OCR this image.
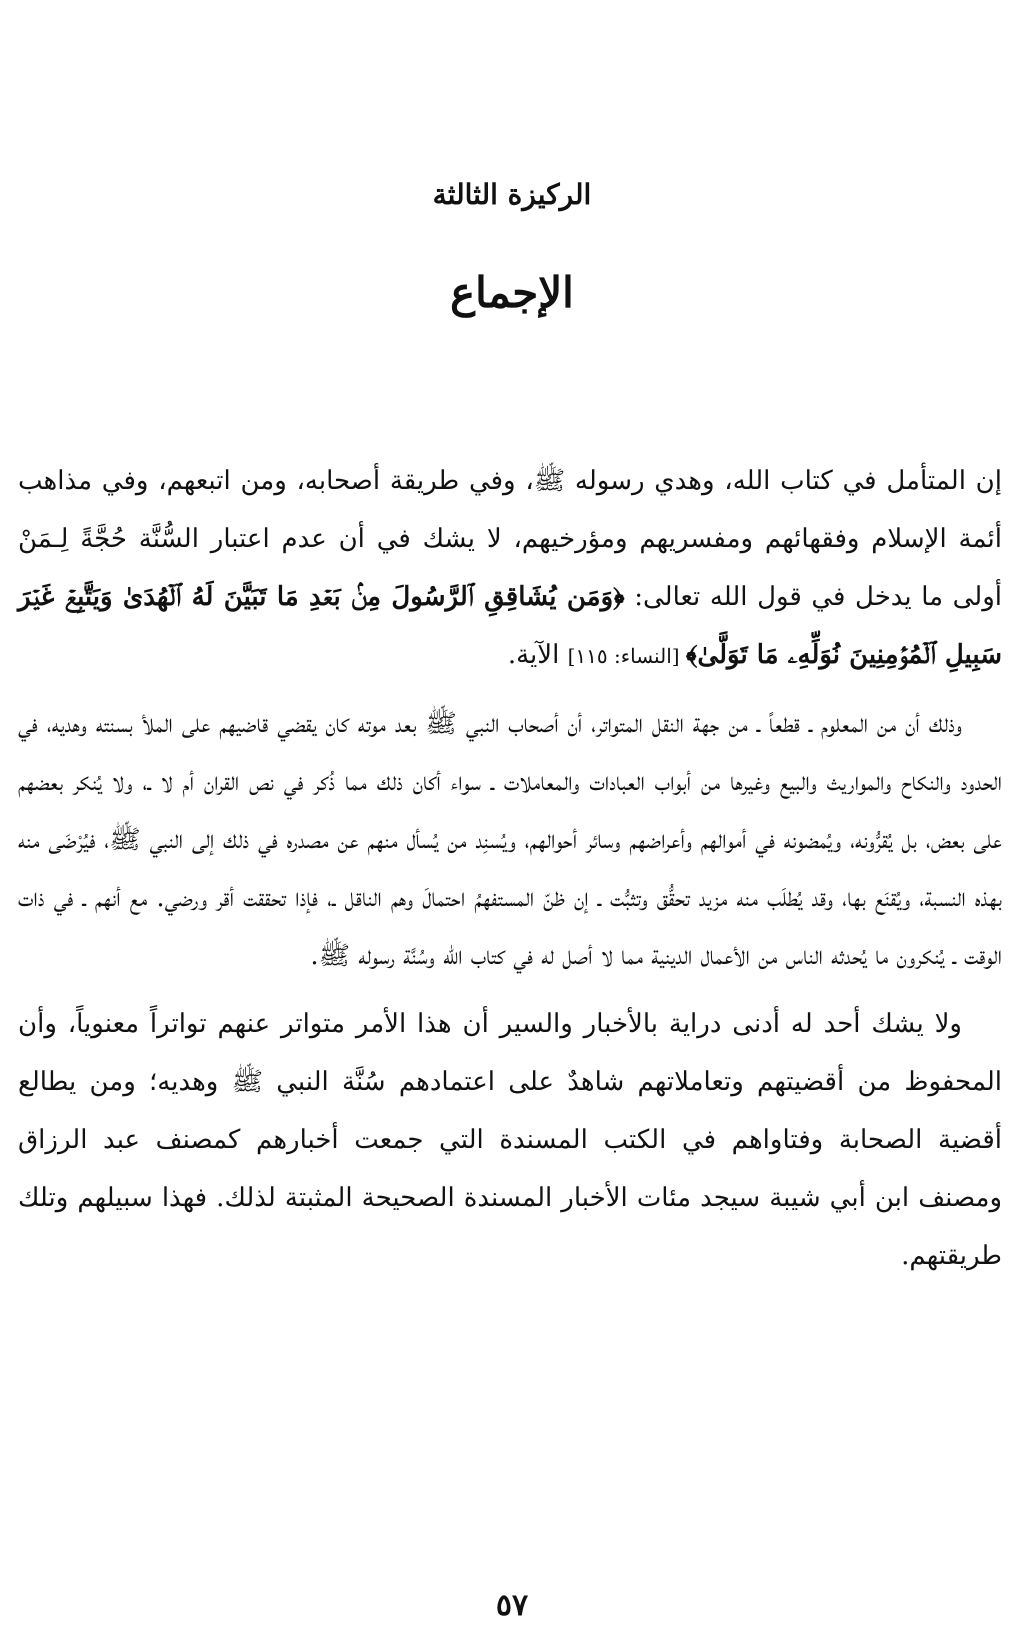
الركيزة الثالثة
الإجماع

إن المتأمل في كتاب الله، وهدي رسوله ﷺ، وفي طريقة أصحابه، ومن اتبعهم، وفي مذاهب أئمة الإسلام وفقهائهم ومفسريهم ومؤرخيهم، لا يشك في أن عدم اعتبار السُّنَّة حُجَّةً لِـمَنْ أولى ما يدخل في قول الله تعالى: ﴿وَمَن يُشَاقِقِ ٱلرَّسُولَ مِنۢ بَعۡدِ مَا تَبَيَّنَ لَهُ ٱلۡهُدَىٰ وَيَتَّبِعۡ غَيۡرَ سَبِيلِ ٱلۡمُؤۡمِنِينَ نُوَلِّهِۦ مَا تَوَلَّىٰ﴾ [النساء: ١١٥] الآية.

وذلك أن من المعلوم ـ قطعاً ـ من جهة النقل المتواتر، أن أصحاب النبي ﷺ بعد موته كان يقضي قاضيهم على الملأ بسنته وهديه، في الحدود والنكاح والمواريث والبيع وغيرها من أبواب العبادات والمعاملات ـ سواء أكان ذلك مما ذُكر في نص القران أم لا ـ، ولا يُنكر بعضهم على بعض، بل يُقرُّونه، ويُمضونه في أموالهم وأعراضهم وسائر أحوالهم، ويُسنِد من يُسأل منهم عن مصدره في ذلك إلى النبي ﷺ، فيُرْضَى منه بهذه النسبة، ويُقنَع بها، وقد يُطلَب منه مزيد تحقُّق وتثبُّت ـ إن ظنّ المستفهمُ احتمالَ وهم الناقل ـ، فإذا تحققت أقر ورضي. مع أنهم ـ في ذات الوقت ـ يُنكرون ما يُحدثه الناس من الأعمال الدينية مما لا أصل له في كتاب الله وسُنَّة رسوله ﷺ.

ولا يشك أحد له أدنى دراية بالأخبار والسير أن هذا الأمر متواتر عنهم تواتراً معنوياً، وأن المحفوظ من أقضيتهم وتعاملاتهم شاهدٌ على اعتمادهم سُنَّة النبي ﷺ وهديه؛ ومن يطالع أقضية الصحابة وفتاواهم في الكتب المسندة التي جمعت أخبارهم كمصنف عبد الرزاق ومصنف ابن أبي شيبة سيجد مئات الأخبار المسندة الصحيحة المثبتة لذلك. فهذا سبيلهم وتلك طريقتهم.

٥٧
